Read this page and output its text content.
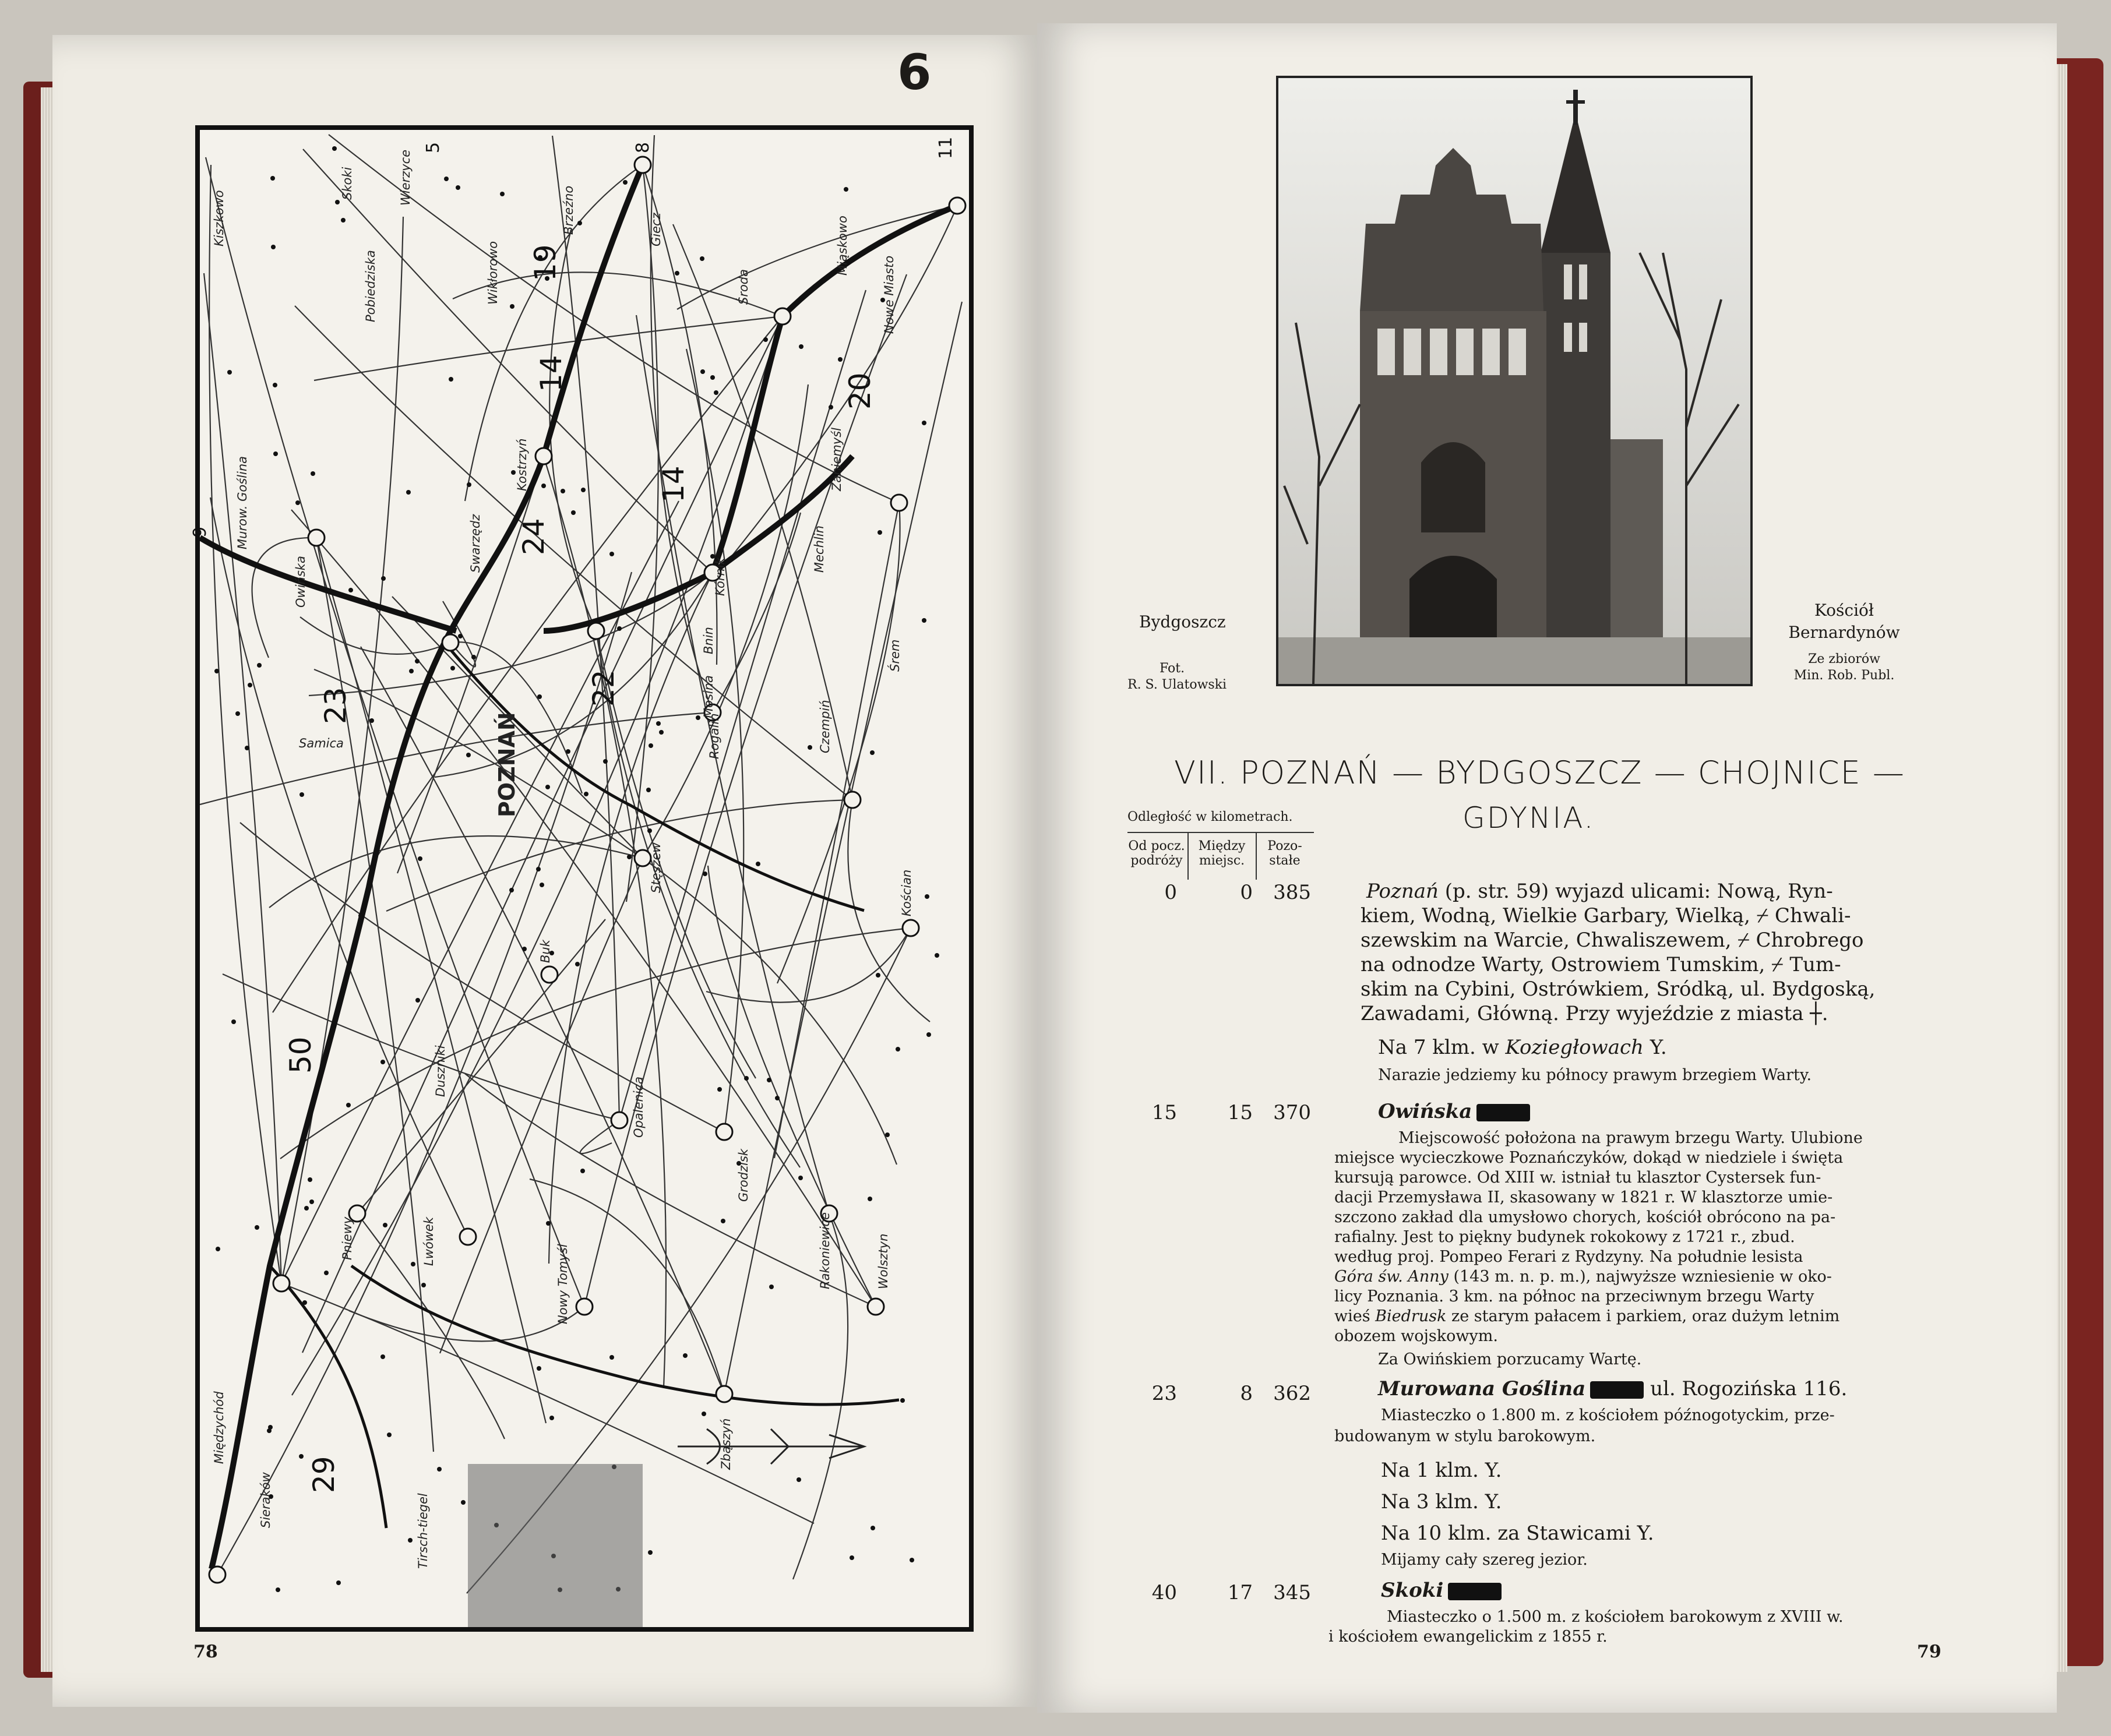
6
Kiszkowo
Skoki
Pobiedziska
Wierzyce
Wikłorowo
Brzeźno	Giecz
Środa
Miąskowo
Nowe Miasto
Murow. Goślina
Owińska
Swarzędz
Kostrzyń
Kórnik
Bnin
Mechlin
Śrem
POZNAŃ
Mosina
Czempiń
Kościan
Stęszew
Buk
Opalenica
Grodzisk
Rakoniewice	Wolsztyn
Nowy Tomyśl
Lwówek
Pniewy
Zbąszyń
Międzychód
Tirsch-tiegel
Samica
Duszniki
Zaniemyśl
Rogalin
Sieraków
19
14	20
24
14
22
23
50
29
5	8	11
9
78
Bydgoszcz
Fot.
R. S. Ulatowski
Kościół
Bernardynów
Ze zbiorów
Min. Rob. Publ.
VII. POZNAŃ — BYDGOSZCZ — CHOJNICE —
GDYNIA.
Odległość w kilometrach.
Od pocz.
podróży
Między
miejsc.
Pozo-
stałe
0	0	385
15	15	370
23	8	362
40	17	345
Poznań (p. str. 59) wyjazd ulicami: Nową, Ryn-
kiem, Wodną, Wielkie Garbary, Wielką, ⌿ Chwali-
szewskim na Warcie, Chwaliszewem, ⌿ Chrobrego
na odnodze Warty, Ostrowiem Tumskim, ⌿ Tum-
skim na Cybini, Ostrówkiem, Sródką, ul. Bydgoską,
Zawadami, Główną. Przy wyjeździe z miasta ┼.
Na 7 klm. w Koziegłowach Y.
Narazie jedziemy ku północy prawym brzegiem Warty.
Owińska
Miejscowość położona na prawym brzegu Warty. Ulubione
miejsce wycieczkowe Poznańczyków, dokąd w niedziele i święta
kursują parowce. Od XIII w. istniał tu klasztor Cystersek fun-
dacji Przemysława II, skasowany w 1821 r. W klasztorze umie-
szczono zakład dla umysłowo chorych, kościół obrócono na pa-
rafialny. Jest to piękny budynek rokokowy z 1721 r., zbud.
według proj. Pompeo Ferari z Rydzyny. Na południe lesista
Góra św. Anny (143 m. n. p. m.), najwyższe wzniesienie w oko-
licy Poznania. 3 km. na północ na przeciwnym brzegu Warty
wieś Biedrusk ze starym pałacem i parkiem, oraz dużym letnim
obozem wojskowym.
Za Owińskiem porzucamy Wartę.
Murowana Goślina	ul. Rogozińska 116.
Miasteczko o 1.800 m. z kościołem późnogotyckim, prze-
budowanym w stylu barokowym.
Na 1 klm. Y.
Na 3 klm. Y.
Na 10 klm. za Stawicami Y.
Mijamy cały szereg jezior.
Skoki
Miasteczko o 1.500 m. z kościołem barokowym z XVIII w.
i kościołem ewangelickim z 1855 r.
79
